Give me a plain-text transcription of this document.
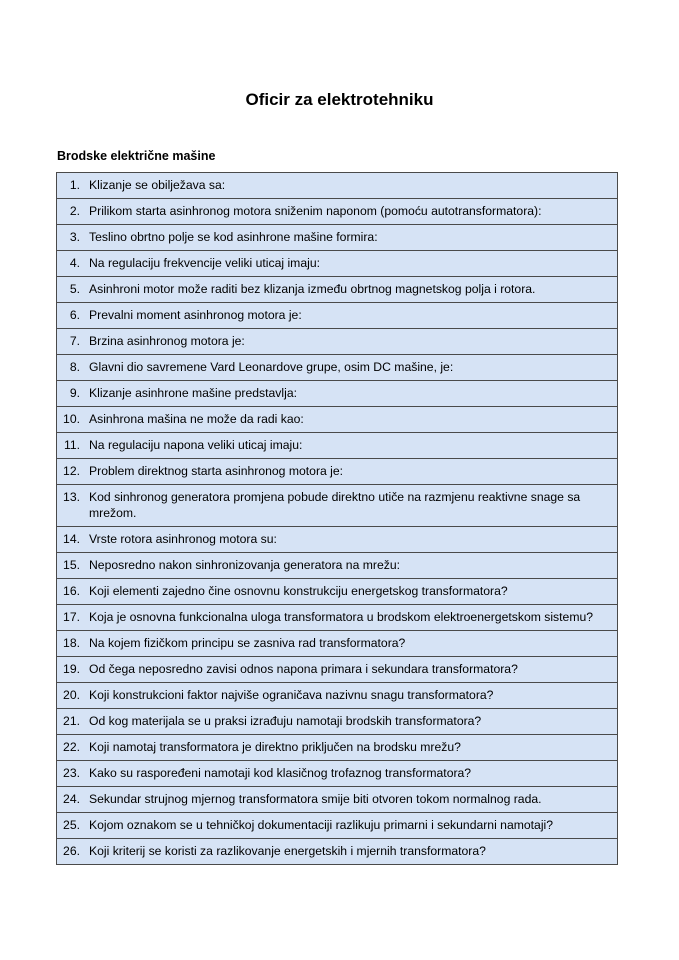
Oficir za elektrotehniku
Brodske električne mašine
1.	Klizanje se obilježava sa:
2.	Prilikom starta asinhronog motora sniženim naponom (pomoću autotransformatora):
3.	Teslino obrtno polje se kod asinhrone mašine formira:
4.	Na regulaciju frekvencije veliki uticaj imaju:
5.	Asinhroni motor može raditi bez klizanja između obrtnog magnetskog polja i rotora.
6.	Prevalni moment asinhronog motora je:
7.	Brzina asinhronog motora je:
8.	Glavni dio savremene Vard Leonardove grupe, osim DC mašine, je:
9.	Klizanje asinhrone mašine predstavlja:
10.	Asinhrona mašina ne može da radi kao:
11.	Na regulaciju napona veliki uticaj imaju:
12.	Problem direktnog starta asinhronog motora je:
13.	Kod sinhronog generatora promjena pobude direktno utiče na razmjenu reaktivne snage sa mrežom.
14.	Vrste rotora asinhronog motora su:
15.	Neposredno nakon sinhronizovanja generatora na mrežu:
16.	Koji elementi zajedno čine osnovnu konstrukciju energetskog transformatora?
17.	Koja je osnovna funkcionalna uloga transformatora u brodskom elektroenergetskom sistemu?
18.	Na kojem fizičkom principu se zasniva rad transformatora?
19.	Od čega neposredno zavisi odnos napona primara i sekundara transformatora?
20.	Koji konstrukcioni faktor najviše ograničava nazivnu snagu transformatora?
21.	Od kog materijala se u praksi izrađuju namotaji brodskih transformatora?
22.	Koji namotaj transformatora je direktno priključen na brodsku mrežu?
23.	Kako su raspoređeni namotaji kod klasičnog trofaznog transformatora?
24.	Sekundar strujnog mjernog transformatora smije biti otvoren tokom normalnog rada.
25.	Kojom oznakom se u tehničkoj dokumentaciji razlikuju primarni i sekundarni namotaji?
26.	Koji kriterij se koristi za razlikovanje energetskih i mjernih transformatora?
